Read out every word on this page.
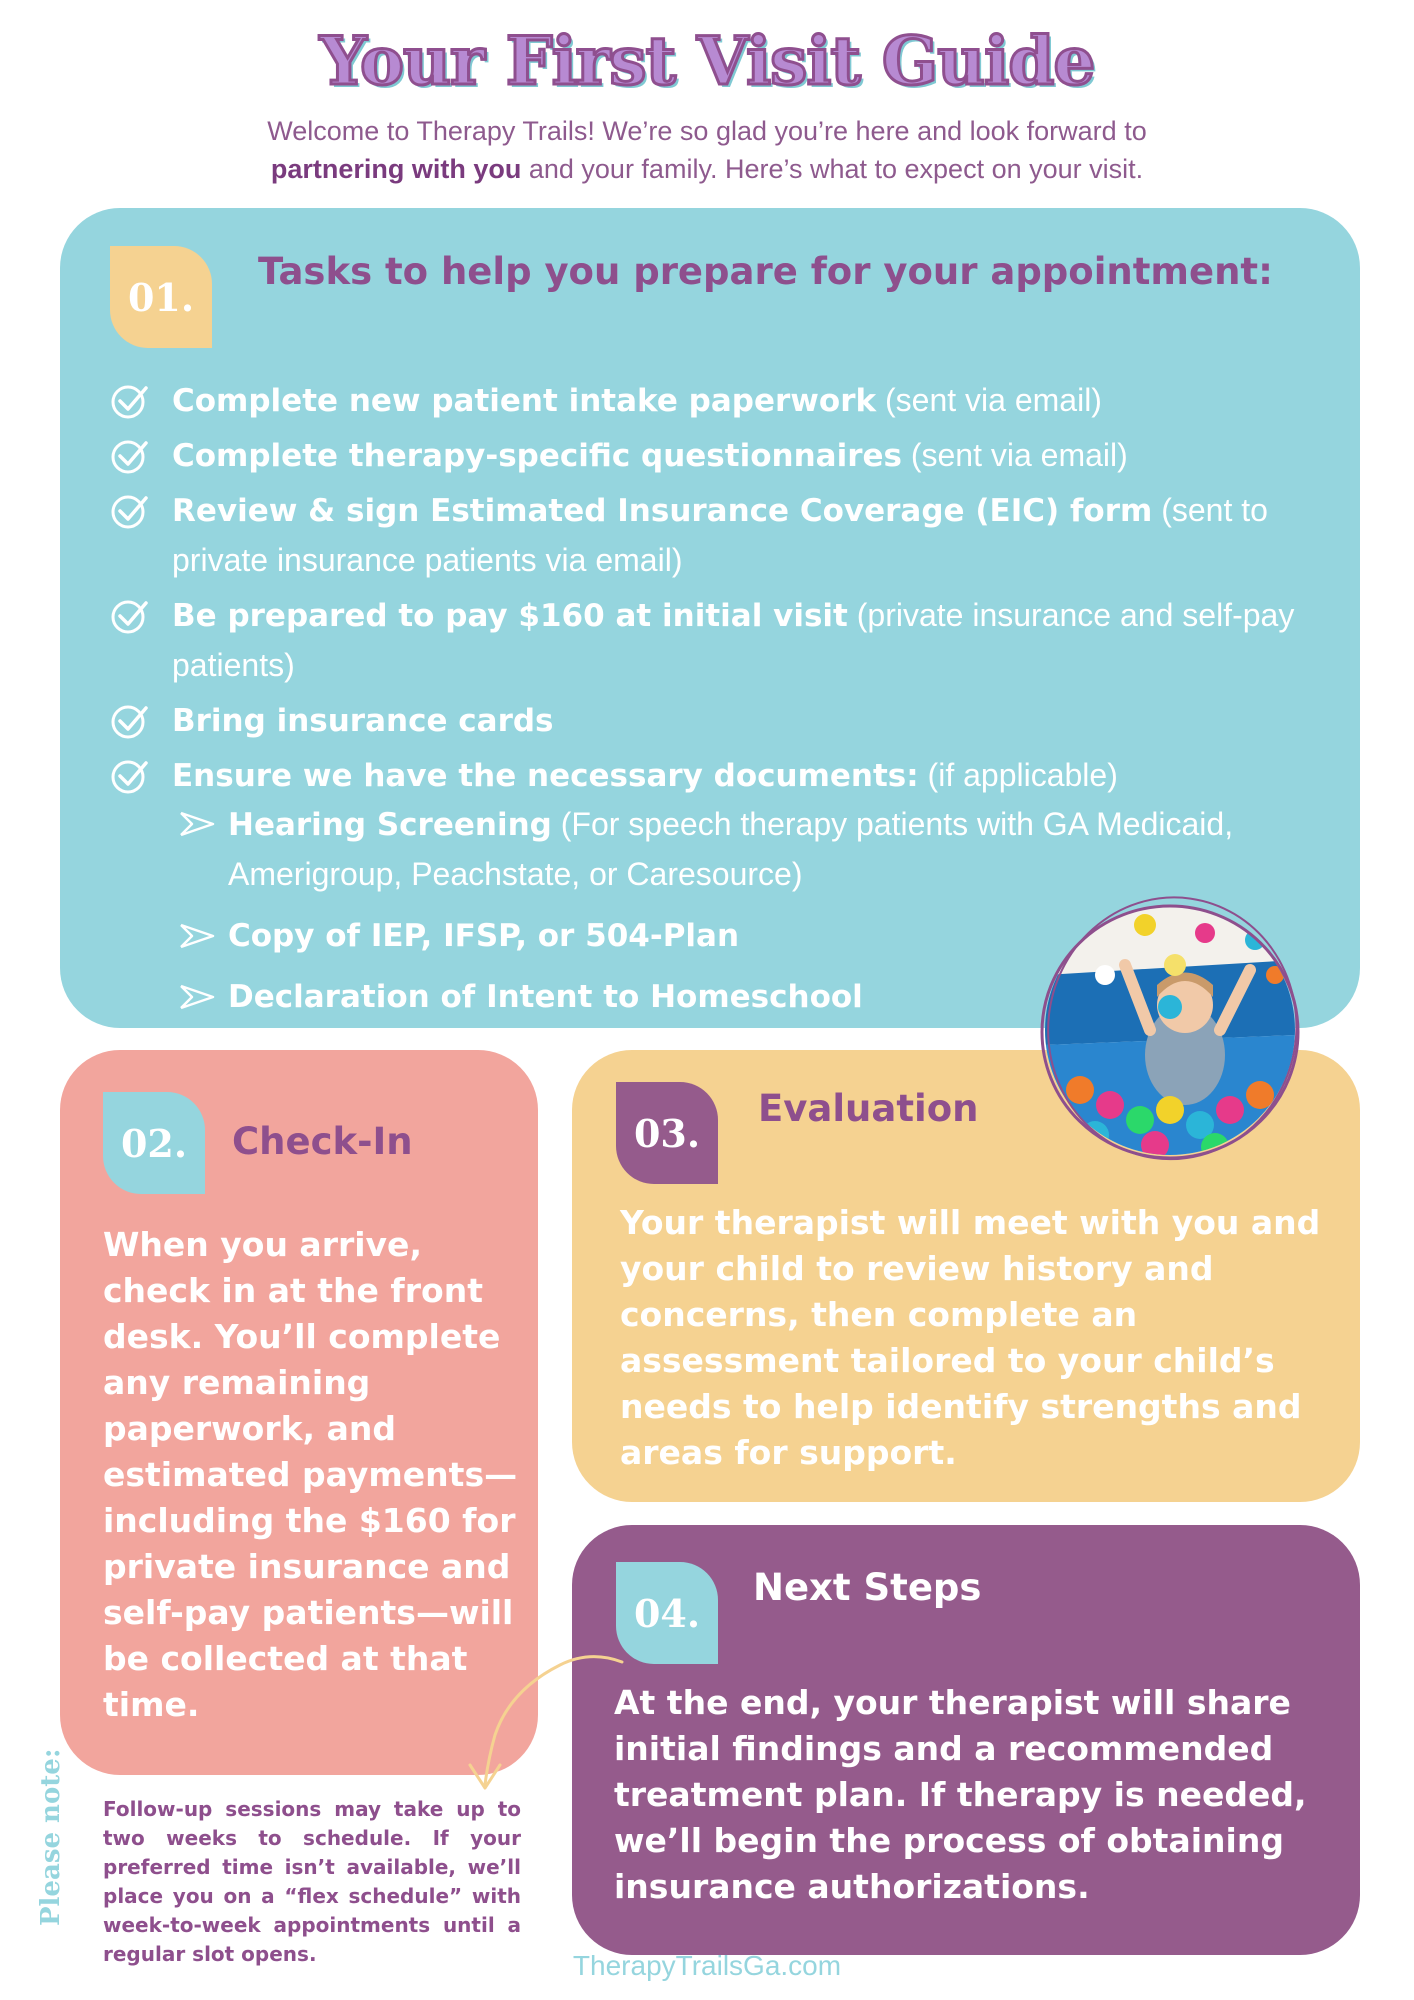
Your First Visit Guide
Welcome to Therapy Trails! We’re so glad you’re here and look forward to
partnering with you and your family. Here’s what to expect on your visit.
01.
Tasks to help you prepare for your appointment:
Complete new patient intake paperwork (sent via email)
Complete therapy-specific questionnaires (sent via email)
Review & sign Estimated Insurance Coverage (EIC) form (sent to private insurance patients via email)
Be prepared to pay $160 at initial visit (private insurance and self-pay patients)
Bring insurance cards
Ensure we have the necessary documents: (if applicable)
Hearing Screening (For speech therapy patients with GA Medicaid, Amerigroup, Peachstate, or Caresource)
Copy of IEP, IFSP, or 504-Plan
Declaration of Intent to Homeschool
02.	Check-In
When you arrive, check in at the front desk. You’ll complete any remaining paperwork, and estimated payments—including the $160 for private insurance and self-pay patients—will be collected at that time.
03.
Evaluation
Your therapist will meet with you and your child to review history and concerns, then complete an assessment tailored to your child’s needs to help identify strengths and areas for support.
04.
Next Steps
At the end, your therapist will share initial findings and a recommended treatment plan. If therapy is needed, we’ll begin the process of obtaining insurance authorizations.
Please note: Follow-up sessions may take up to two weeks to schedule. If your preferred time isn’t available, we’ll place you on a “flex schedule” with week-to-week appointments until a regular slot opens.	TherapyTrailsGa.com
